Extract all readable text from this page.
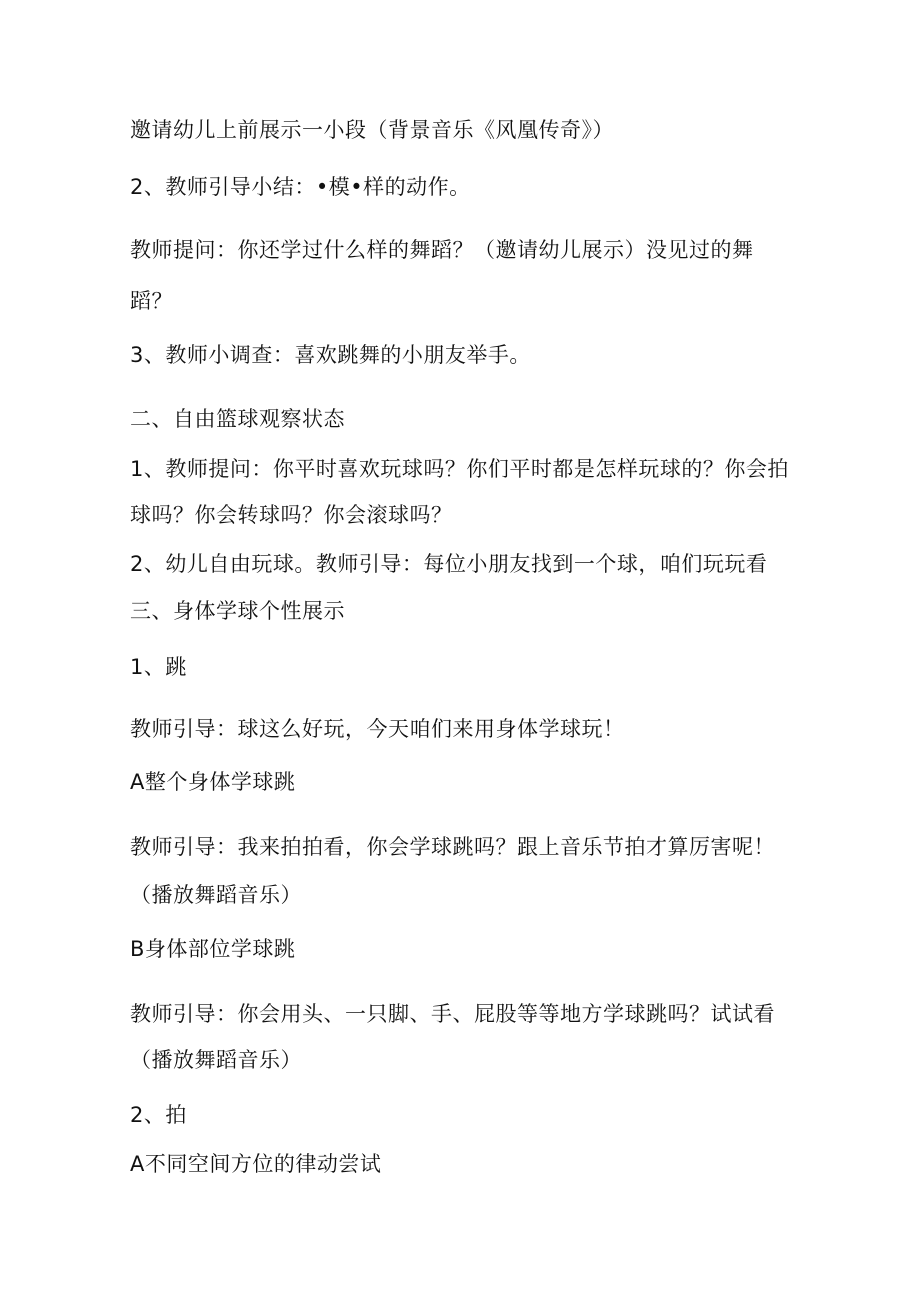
邀请幼儿上前展示一小段（背景音乐《风凰传奇》）
2、教师引导小结：•模•样的动作。
教师提问：你还学过什么样的舞蹈？（邀请幼儿展示）没见过的舞
蹈？
3、教师小调查：喜欢跳舞的小朋友举手。
二、自由篮球观察状态
1、教师提问：你平时喜欢玩球吗？你们平时都是怎样玩球的？你会拍
球吗？你会转球吗？你会滚球吗？
2、幼儿自由玩球。教师引导：每位小朋友找到一个球，咱们玩玩看
三、身体学球个性展示
1、跳
教师引导：球这么好玩，今天咱们来用身体学球玩！
A整个身体学球跳
教师引导：我来拍拍看，你会学球跳吗？跟上音乐节拍才算厉害呢！
（播放舞蹈音乐）
B身体部位学球跳
教师引导：你会用头、一只脚、手、屁股等等地方学球跳吗？试试看
（播放舞蹈音乐）
2、拍
A不同空间方位的律动尝试
